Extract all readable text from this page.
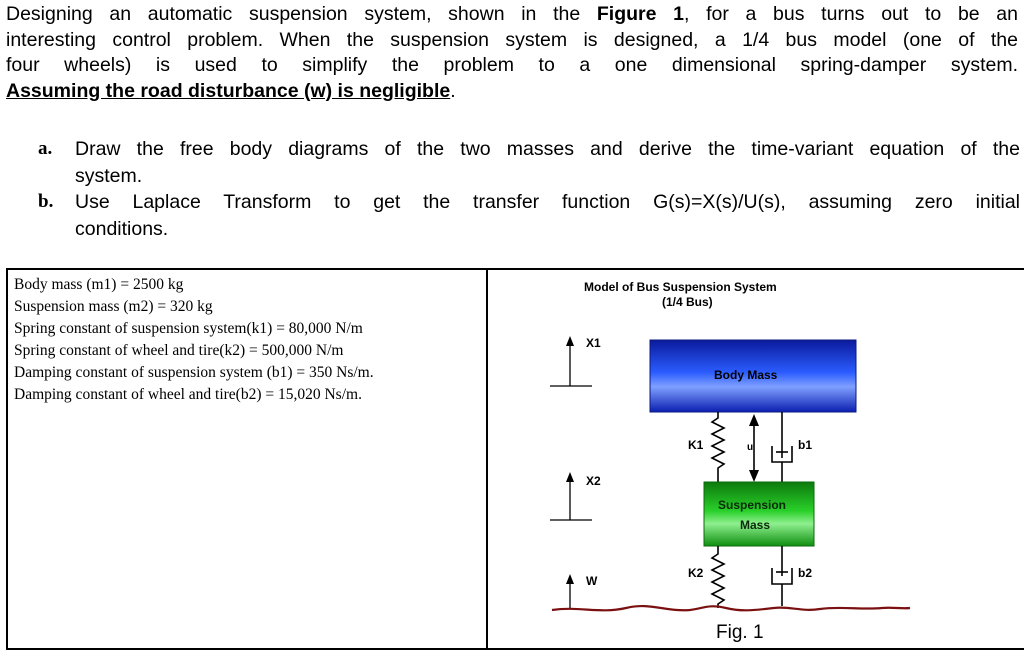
Designing an automatic suspension system, shown in the Figure 1, for a bus turns out to be an
interesting control problem. When the suspension system is designed, a 1/4 bus model (one of the
four wheels) is used to simplify the problem to a one dimensional spring-damper system.
Assuming the road disturbance (w) is negligible.
a. Draw the free body diagrams of the two masses and derive the time-variant equation of the
system.
b. Use Laplace Transform to get the transfer function G(s)=X(s)/U(s), assuming zero initial
conditions.
Body mass (m1) = 2500 kg
Suspension mass (m2) = 320 kg
Spring constant of suspension system(k1) = 80,000 N/m
Spring constant of wheel and tire(k2) = 500,000 N/m
Damping constant of suspension system (b1) = 350 Ns/m.
Damping constant of wheel and tire(b2) = 15,020 Ns/m.
Model of Bus Suspension System
(1/4 Bus)
X1
Body Mass
K1	b1
u
X2
Suspension
Mass
K2	b2
W
Fig. 1
